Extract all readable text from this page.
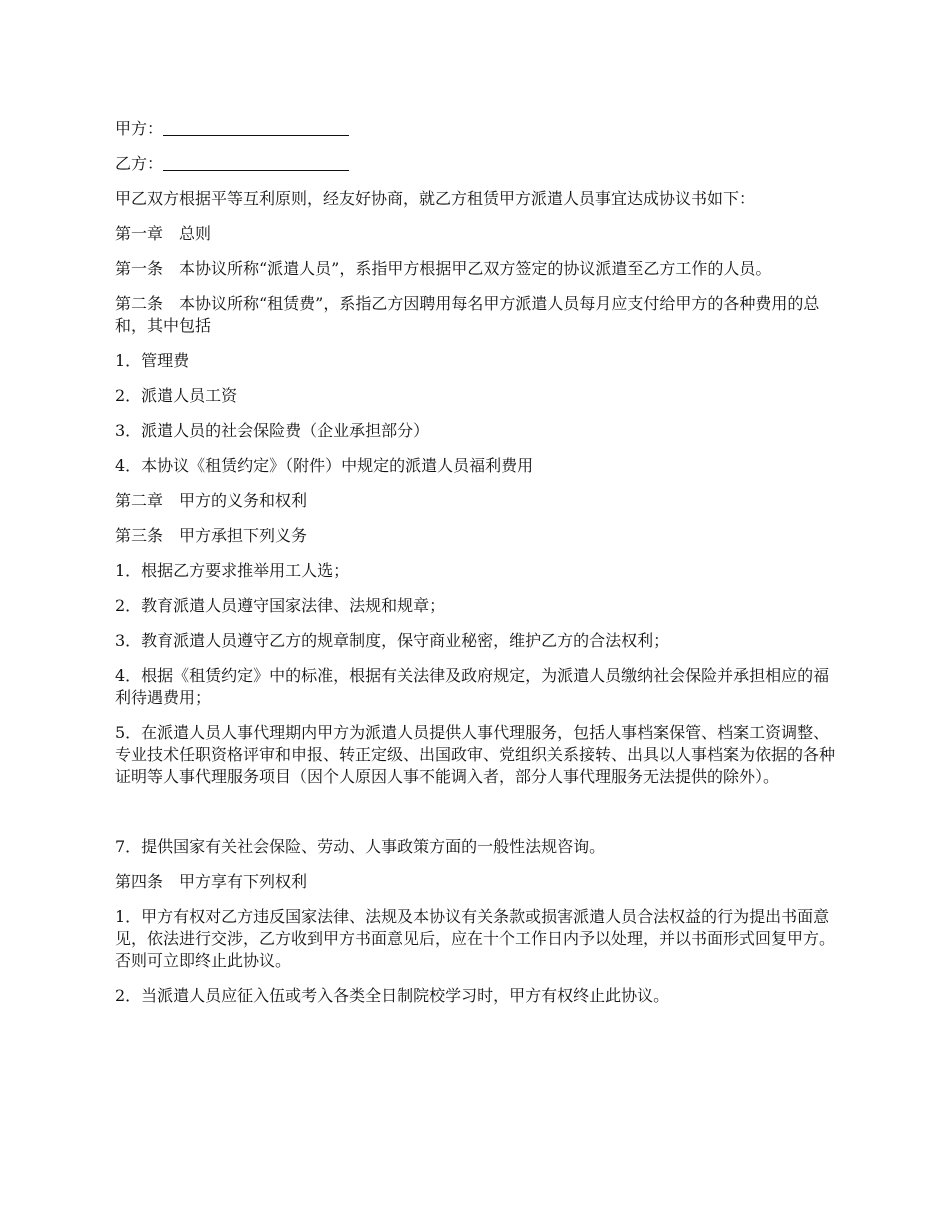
甲方：

乙方：

甲乙双方根据平等互利原则，经友好协商，就乙方租赁甲方派遣人员事宜达成协议书如下：

第一章　总则

第一条　本协议所称“派遣人员”，系指甲方根据甲乙双方签定的协议派遣至乙方工作的人员。

第二条　本协议所称“租赁费”，系指乙方因聘用每名甲方派遣人员每月应支付给甲方的各种费用的总和，其中包括

1．管理费

2．派遣人员工资

3．派遣人员的社会保险费（企业承担部分）

4．本协议《租赁约定》（附件）中规定的派遣人员福利费用

第二章　甲方的义务和权利

第三条　甲方承担下列义务

1．根据乙方要求推举用工人选；

2．教育派遣人员遵守国家法律、法规和规章；

3．教育派遣人员遵守乙方的规章制度，保守商业秘密，维护乙方的合法权利；

4．根据《租赁约定》中的标准，根据有关法律及政府规定，为派遣人员缴纳社会保险并承担相应的福利待遇费用；

5．在派遣人员人事代理期内甲方为派遣人员提供人事代理服务，包括人事档案保管、档案工资调整、专业技术任职资格评审和申报、转正定级、出国政审、党组织关系接转、出具以人事档案为依据的各种证明等人事代理服务项目（因个人原因人事不能调入者，部分人事代理服务无法提供的除外）。

7．提供国家有关社会保险、劳动、人事政策方面的一般性法规咨询。

第四条　甲方享有下列权利

1．甲方有权对乙方违反国家法律、法规及本协议有关条款或损害派遣人员合法权益的行为提出书面意见，依法进行交涉，乙方收到甲方书面意见后，应在十个工作日内予以处理，并以书面形式回复甲方。否则可立即终止此协议。

2．当派遣人员应征入伍或考入各类全日制院校学习时，甲方有权终止此协议。
